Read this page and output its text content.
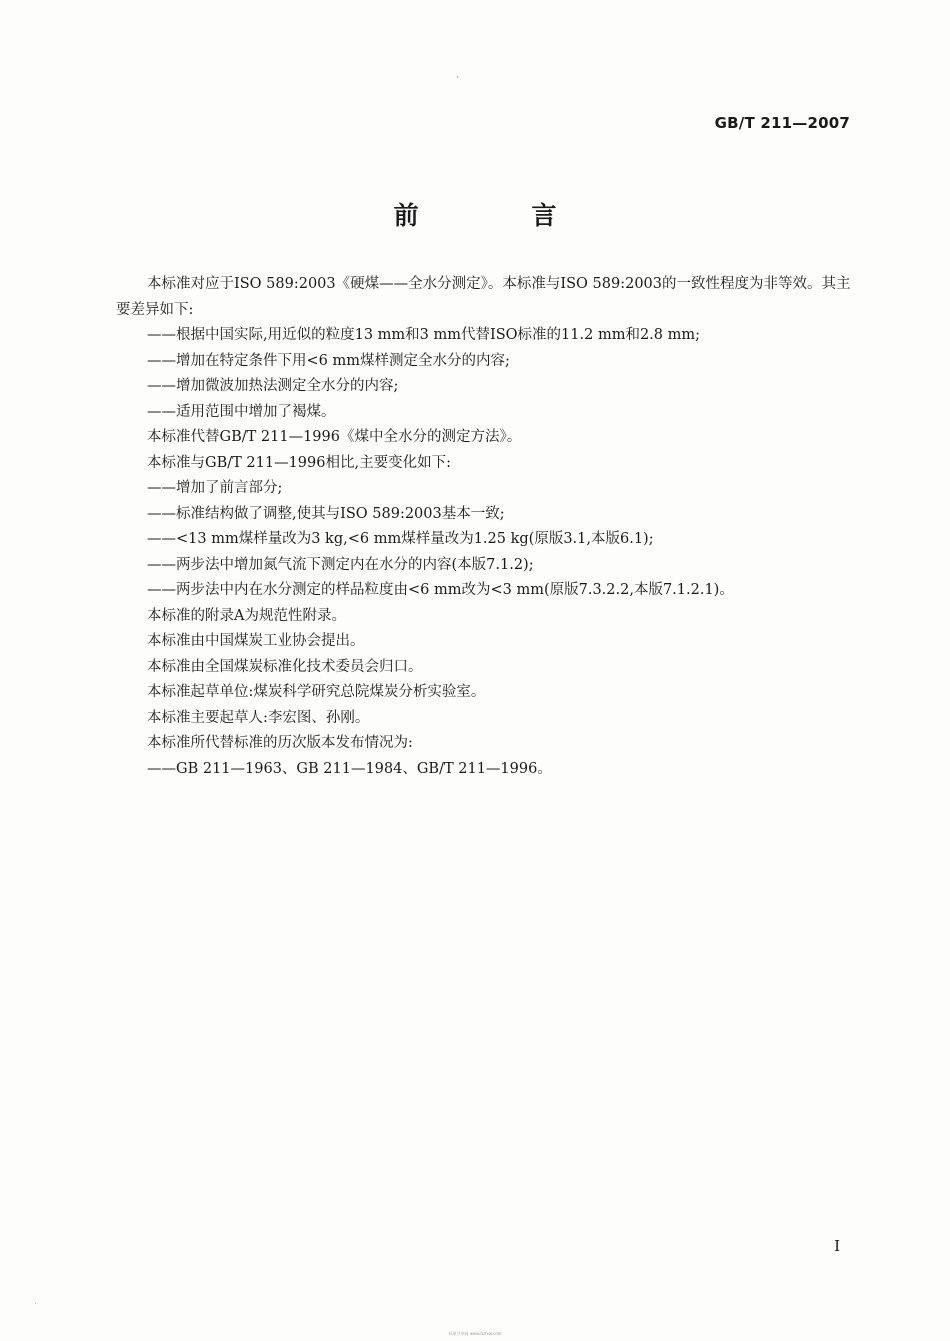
GB/T 211—2007
前 言

本标准对应于ISO 589:2003《硬煤——全水分测定》。本标准与ISO 589:2003的一致性程度为非等效。其主要差异如下:

——根据中国实际,用近似的粒度13 mm和3 mm代替ISO标准的11.2 mm和2.8 mm;

——增加在特定条件下用<6 mm煤样测定全水分的内容;

——增加微波加热法测定全水分的内容;

——适用范围中增加了褐煤。

本标准代替GB/T 211—1996《煤中全水分的测定方法》。

本标准与GB/T 211—1996相比,主要变化如下:

——增加了前言部分;

——标准结构做了调整,使其与ISO 589:2003基本一致;

——<13 mm煤样量改为3 kg,<6 mm煤样量改为1.25 kg(原版3.1,本版6.1);

——两步法中增加氮气流下测定内在水分的内容(本版7.1.2);

——两步法中内在水分测定的样品粒度由<6 mm改为<3 mm(原版7.3.2.2,本版7.1.2.1)。

本标准的附录A为规范性附录。

本标准由中国煤炭工业协会提出。

本标准由全国煤炭标准化技术委员会归口。

本标准起草单位:煤炭科学研究总院煤炭分析实验室。

本标准主要起草人:李宏图、孙刚。

本标准所代替标准的历次版本发布情况为:

——GB 211—1963、GB 211—1984、GB/T 211—1996。

I
标准分享网 www.bzfxw.com
